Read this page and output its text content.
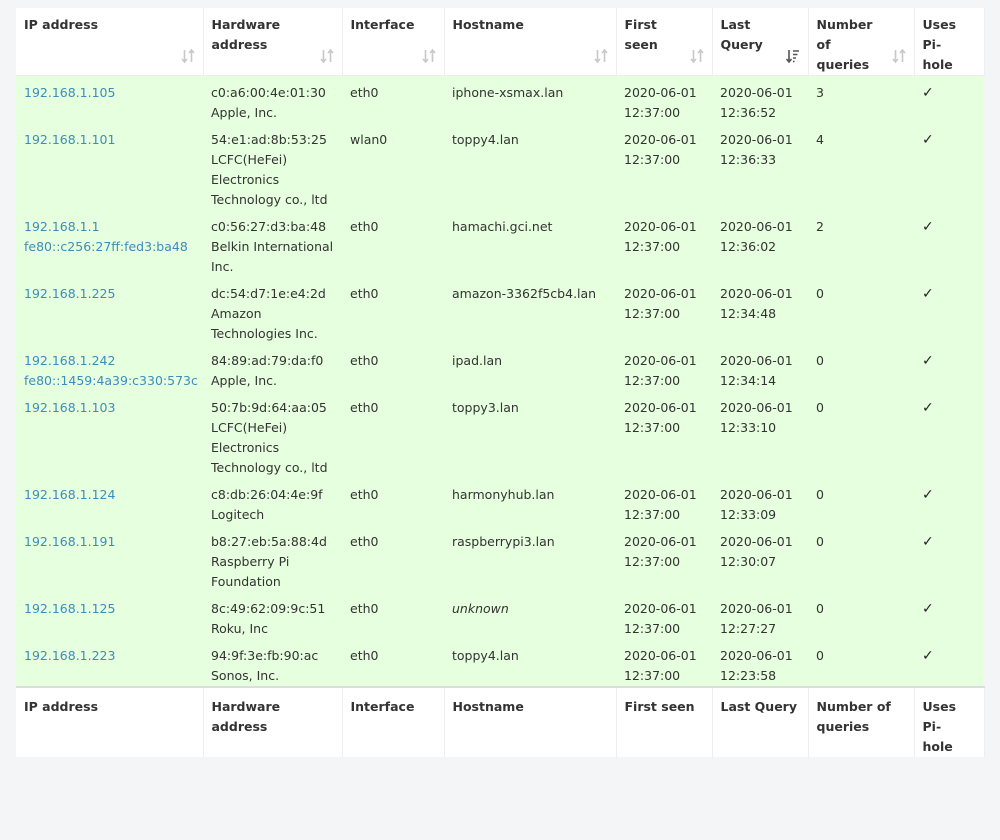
IP address	Hardware
address	Interface	Hostname	First
seen	Last
Query	Number of
queries	Uses Pi-
hole

192.168.1.105	c0:a6:00:4e:01:30
Apple, Inc.	eth0	iphone-xsmax.lan	2020-06-01
12:37:00	2020-06-01
12:36:52	3	✓

192.168.1.101	54:e1:ad:8b:53:25
LCFC(HeFei)
Electronics
Technology co., ltd	wlan0	toppy4.lan	2020-06-01
12:37:00	2020-06-01
12:36:33	4	✓

192.168.1.1
fe80::c256:27ff:fed3:ba48	c0:56:27:d3:ba:48
Belkin International
Inc.	eth0	hamachi.gci.net	2020-06-01
12:37:00	2020-06-01
12:36:02	2	✓

192.168.1.225	dc:54:d7:1e:e4:2d
Amazon
Technologies Inc.	eth0	amazon-3362f5cb4.lan	2020-06-01
12:37:00	2020-06-01
12:34:48	0	✓

192.168.1.242
fe80::1459:4a39:c330:573c	84:89:ad:79:da:f0
Apple, Inc.	eth0	ipad.lan	2020-06-01
12:37:00	2020-06-01
12:34:14	0	✓

192.168.1.103	50:7b:9d:64:aa:05
LCFC(HeFei)
Electronics
Technology co., ltd	eth0	toppy3.lan	2020-06-01
12:37:00	2020-06-01
12:33:10	0	✓

192.168.1.124	c8:db:26:04:4e:9f
Logitech	eth0	harmonyhub.lan	2020-06-01
12:37:00	2020-06-01
12:33:09	0	✓

192.168.1.191	b8:27:eb:5a:88:4d
Raspberry Pi
Foundation	eth0	raspberrypi3.lan	2020-06-01
12:37:00	2020-06-01
12:30:07	0	✓

192.168.1.125	8c:49:62:09:9c:51
Roku, Inc	eth0	unknown	2020-06-01
12:37:00	2020-06-01
12:27:27	0	✓

192.168.1.223	94:9f:3e:fb:90:ac
Sonos, Inc.	eth0	toppy4.lan	2020-06-01
12:37:00	2020-06-01
12:23:58	0	✓
IP address	Hardware address	Interface	Hostname	First seen	Last Query	Number of
queries	Uses Pi-
hole
